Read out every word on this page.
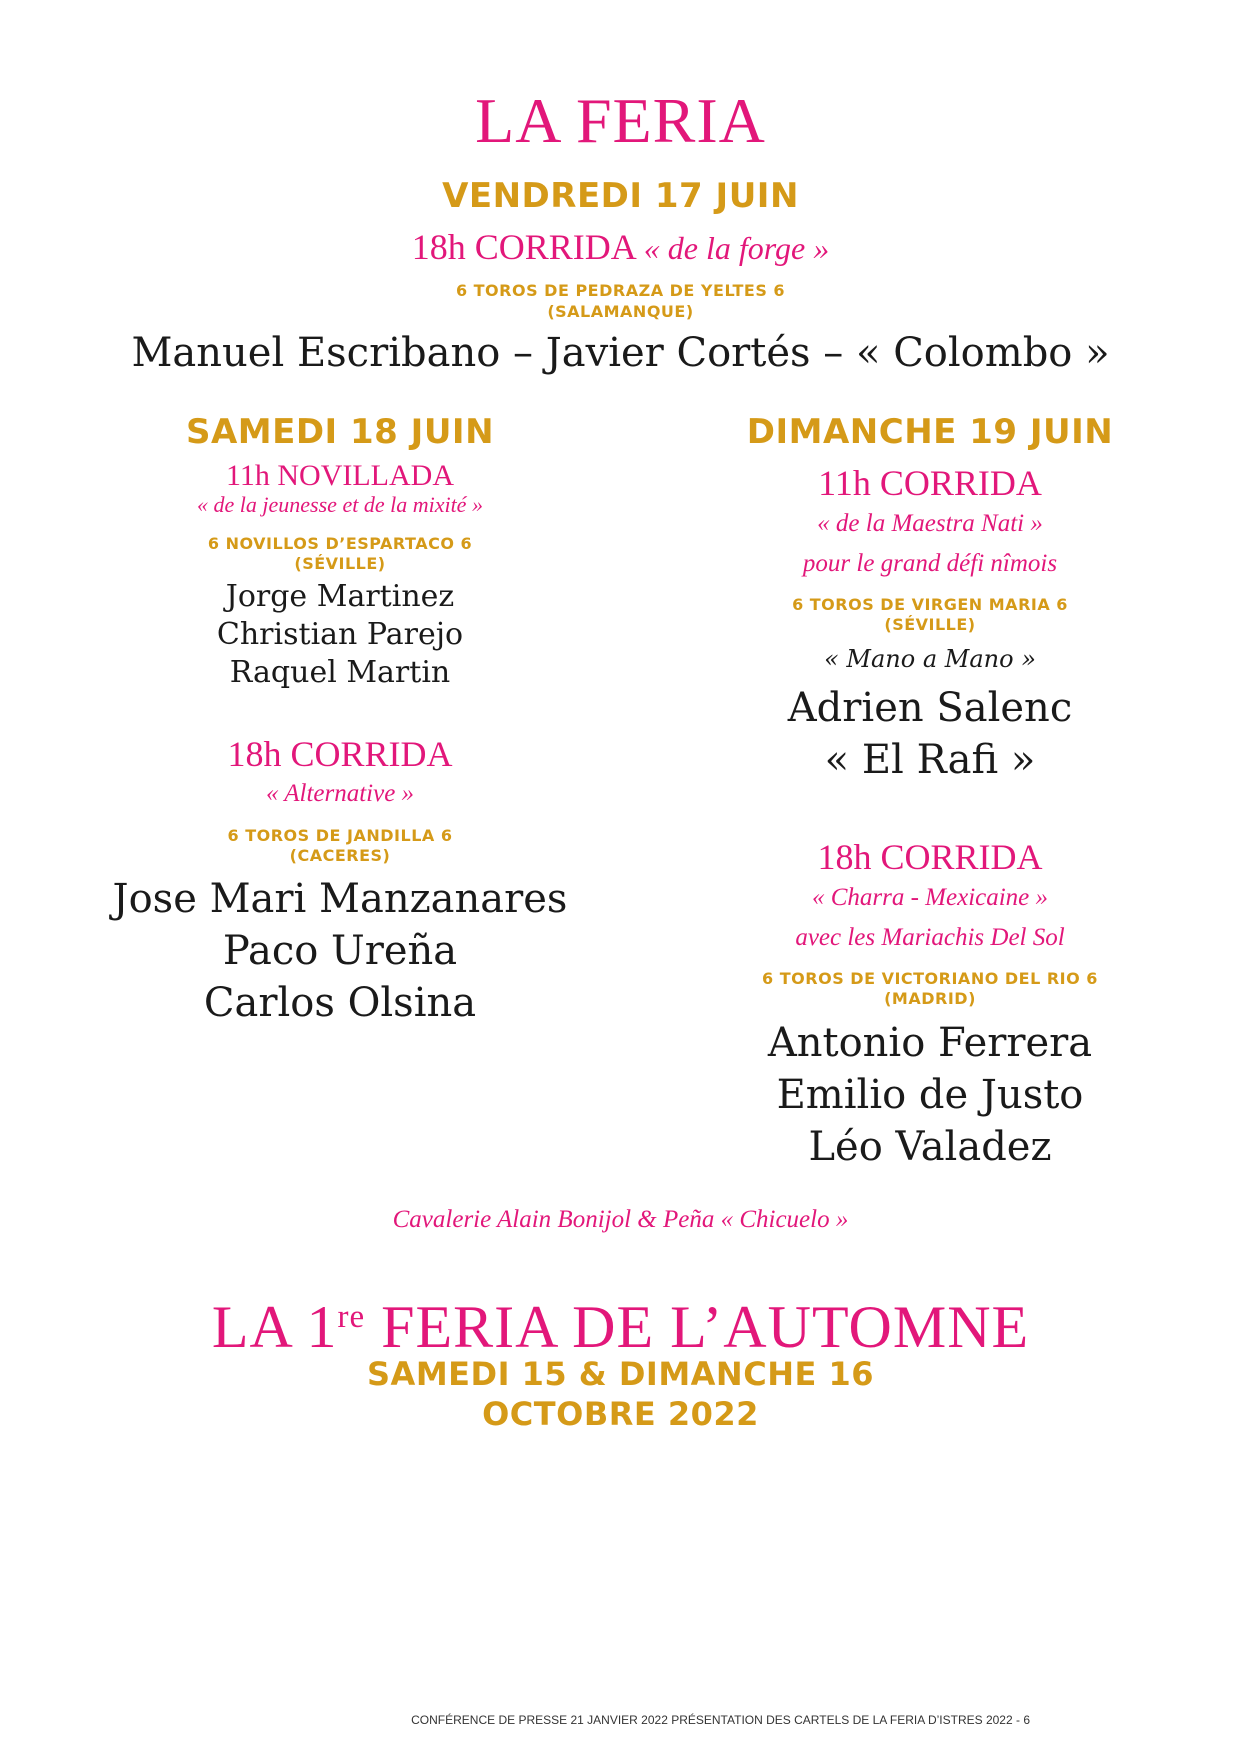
LA FERIA
VENDREDI 17 JUIN
18h CORRIDA « de la forge »
6 TOROS DE PEDRAZA DE YELTES 6
(SALAMANQUE)
Manuel Escribano – Javier Cortés – « Colombo »
SAMEDI 18 JUIN
11h NOVILLADA
« de la jeunesse et de la mixité »
6 NOVILLOS D’ESPARTACO 6
(SÉVILLE)
Jorge Martinez
Christian Parejo
Raquel Martin
18h CORRIDA
« Alternative »
6 TOROS DE JANDILLA 6
(CACERES)
Jose Mari Manzanares
Paco Ureña
Carlos Olsina
DIMANCHE 19 JUIN
11h CORRIDA
« de la Maestra Nati »
pour le grand défi nîmois
6 TOROS DE VIRGEN MARIA 6
(SÉVILLE)
« Mano a Mano »
Adrien Salenc
« El Rafi »
18h CORRIDA
« Charra - Mexicaine »
avec les Mariachis Del Sol
6 TOROS DE VICTORIANO DEL RIO 6
(MADRID)
Antonio Ferrera
Emilio de Justo
Léo Valadez
Cavalerie Alain Bonijol & Peña « Chicuelo »
LA 1re FERIA DE L’AUTOMNE
SAMEDI 15 & DIMANCHE 16
OCTOBRE 2022
CONFÉRENCE DE PRESSE 21 JANVIER 2022 PRÉSENTATION DES CARTELS DE LA FERIA D’ISTRES 2022 - 6
